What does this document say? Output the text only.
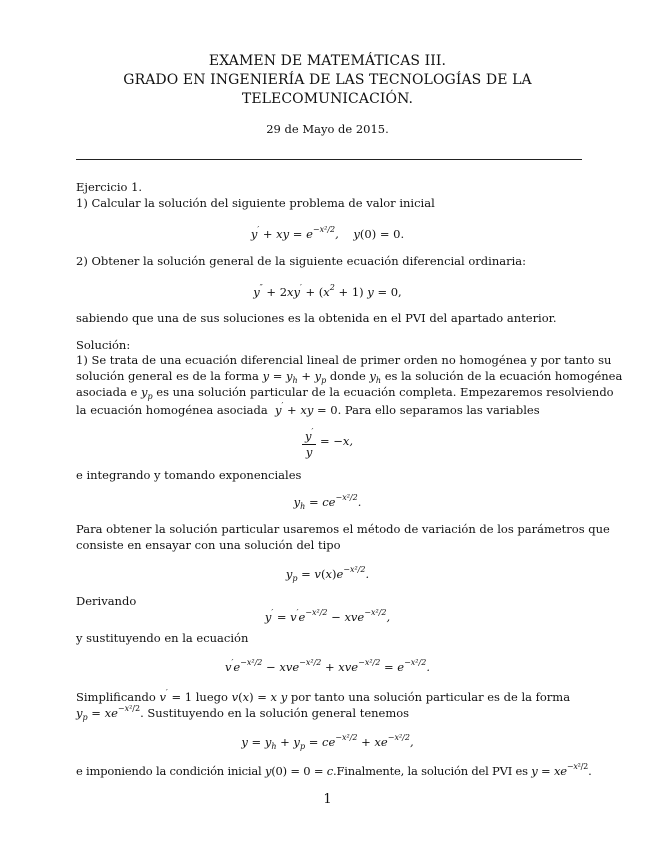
EXAMEN DE MATEMÁTICAS III.
GRADO EN INGENIERÍA DE LAS TECNOLOGÍAS DE LA
TELECOMUNICACIÓN.
29 de Mayo de 2015.
Ejercicio 1.
1) Calcular la solución del siguiente problema de valor inicial
y′ + xy = $e^{-x^2/2}$,    y(0) = 0.
2) Obtener la solución general de la siguiente ecuación diferencial ordinaria:
$y'' + 2xy' + (x^2 + 1) y = 0$,
sabiendo que una de sus soluciones es la obtenida en el PVI del apartado anterior.
Solución:
1) Se trata de una ecuación diferencial lineal de primer orden no homogénea y por tanto su
solución general es de la forma $y = y_h + y_p$ donde $y_h$ es la solución de la ecuación homogénea
asociada e $y_p$ es una solución particular de la ecuación completa. Empezaremos resolviendo
la ecuación homogénea asociada y′ + xy = 0. Para ello separamos las variables
$\frac{y'}{y} = -x$,
e integrando y tomando exponenciales
$y_h = ce^{-x^2/2}$.
Para obtener la solución particular usaremos el método de variación de los parámetros que
consiste en ensayar con una solución del tipo
$y_p = v(x)e^{-x^2/2}$.
Derivando
$y' = v'e^{-x^2/2} - xve^{-x^2/2}$,
y sustituyendo en la ecuación
$v'e^{-x^2/2} - xve^{-x^2/2} + xve^{-x^2/2} = e^{-x^2/2}$.
Simplificando v′ = 1 luego v(x) = x y por tanto una solución particular es de la forma
$y_p = xe^{-x^2/2}$. Sustituyendo en la solución general tenemos
$y = y_h + y_p = ce^{-x^2/2} + xe^{-x^2/2}$,
e imponiendo la condición inicial y(0) = 0 = c.Finalmente, la solución del PVI es $y = xe^{-x^2/2}$.
1
